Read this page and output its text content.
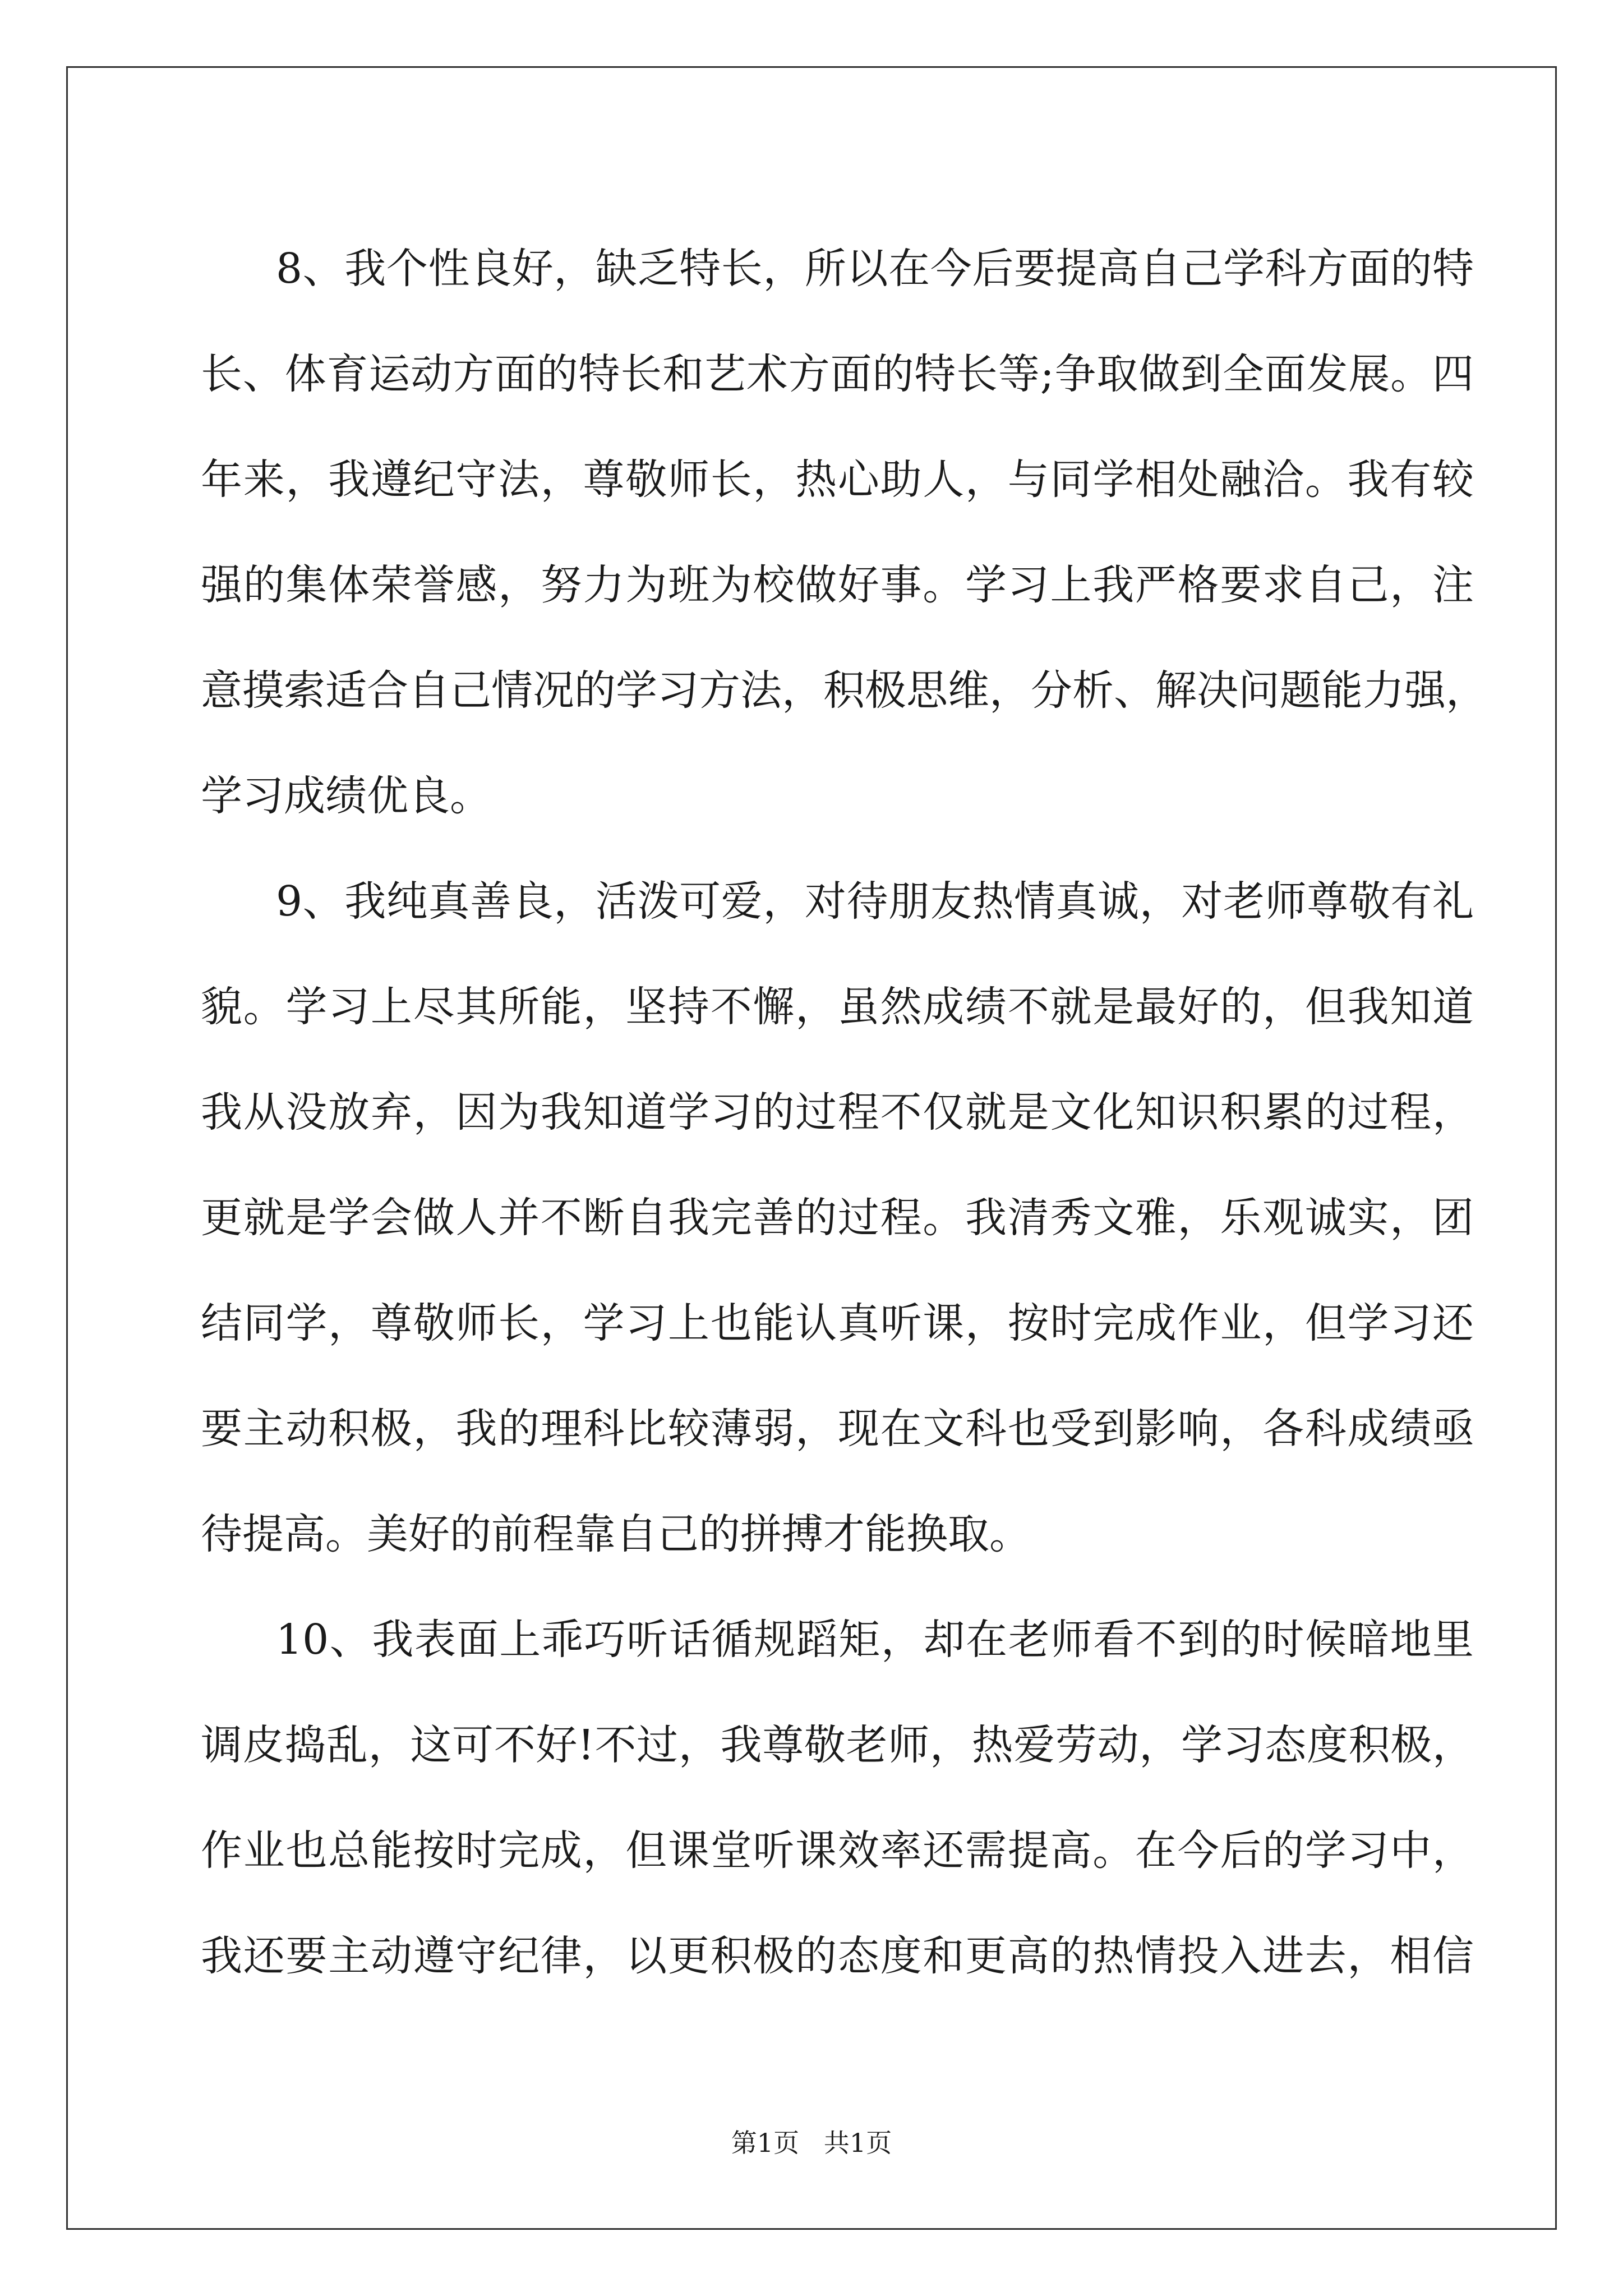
8、我个性良好，缺乏特长，所以在今后要提高自己学科方面的特
长、体育运动方面的特长和艺术方面的特长等;争取做到全面发展。四
年来，我遵纪守法，尊敬师长，热心助人，与同学相处融洽。我有较
强的集体荣誉感，努力为班为校做好事。学习上我严格要求自己，注
意摸索适合自己情况的学习方法，积极思维，分析、解决问题能力强，
学习成绩优良。
9、我纯真善良，活泼可爱，对待朋友热情真诚，对老师尊敬有礼
貌。学习上尽其所能，坚持不懈，虽然成绩不就是最好的，但我知道
我从没放弃，因为我知道学习的过程不仅就是文化知识积累的过程，
更就是学会做人并不断自我完善的过程。我清秀文雅，乐观诚实，团
结同学，尊敬师长，学习上也能认真听课，按时完成作业，但学习还
要主动积极，我的理科比较薄弱，现在文科也受到影响，各科成绩亟
待提高。美好的前程靠自己的拼搏才能换取。
10、我表面上乖巧听话循规蹈矩，却在老师看不到的时候暗地里
调皮捣乱，这可不好!不过，我尊敬老师，热爱劳动，学习态度积极，
作业也总能按时完成，但课堂听课效率还需提高。在今后的学习中，
我还要主动遵守纪律，以更积极的态度和更高的热情投入进去，相信
第1页   共1页
